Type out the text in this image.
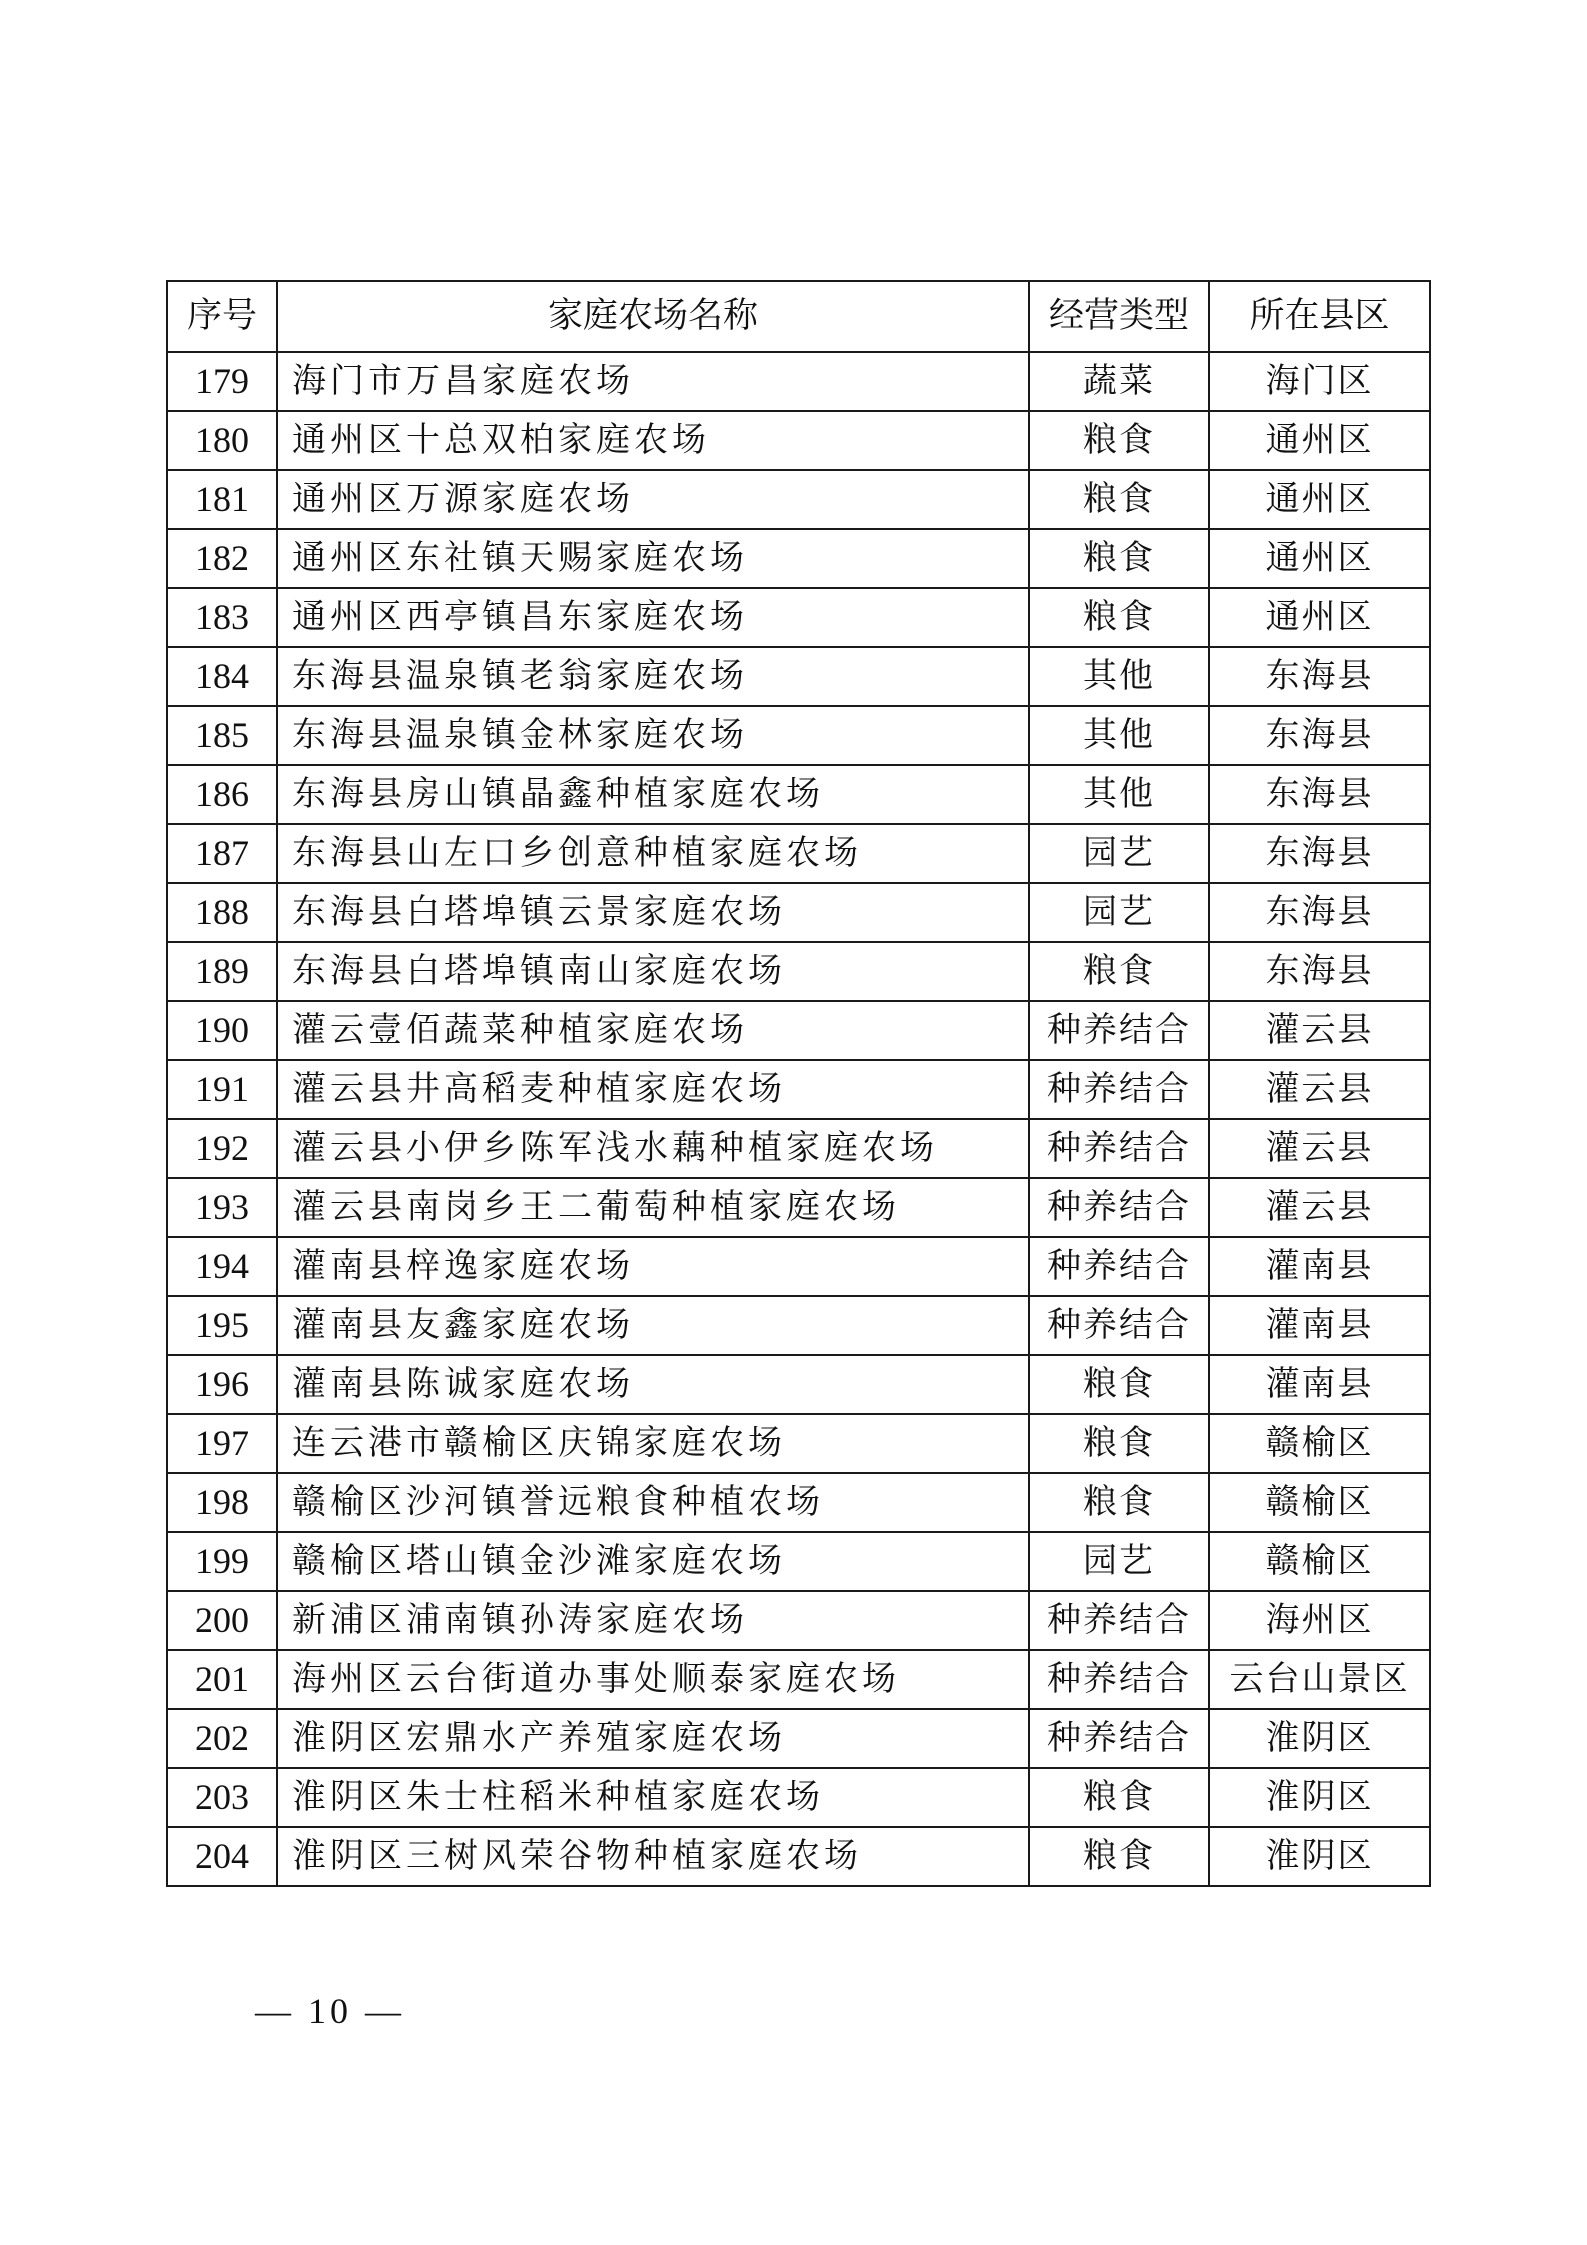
序号	家庭农场名称	经营类型	所在县区
179	海门市万昌家庭农场	蔬菜	海门区
180	通州区十总双柏家庭农场	粮食	通州区
181	通州区万源家庭农场	粮食	通州区
182	通州区东社镇天赐家庭农场	粮食	通州区
183	通州区西亭镇昌东家庭农场	粮食	通州区
184	东海县温泉镇老翁家庭农场	其他	东海县
185	东海县温泉镇金林家庭农场	其他	东海县
186	东海县房山镇晶鑫种植家庭农场	其他	东海县
187	东海县山左口乡创意种植家庭农场	园艺	东海县
188	东海县白塔埠镇云景家庭农场	园艺	东海县
189	东海县白塔埠镇南山家庭农场	粮食	东海县
190	灌云壹佰蔬菜种植家庭农场	种养结合	灌云县
191	灌云县井高稻麦种植家庭农场	种养结合	灌云县
192	灌云县小伊乡陈军浅水藕种植家庭农场	种养结合	灌云县
193	灌云县南岗乡王二葡萄种植家庭农场	种养结合	灌云县
194	灌南县梓逸家庭农场	种养结合	灌南县
195	灌南县友鑫家庭农场	种养结合	灌南县
196	灌南县陈诚家庭农场	粮食	灌南县
197	连云港市赣榆区庆锦家庭农场	粮食	赣榆区
198	赣榆区沙河镇誉远粮食种植农场	粮食	赣榆区
199	赣榆区塔山镇金沙滩家庭农场	园艺	赣榆区
200	新浦区浦南镇孙涛家庭农场	种养结合	海州区
201	海州区云台街道办事处顺泰家庭农场	种养结合	云台山景区
202	淮阴区宏鼎水产养殖家庭农场	种养结合	淮阴区
203	淮阴区朱士柱稻米种植家庭农场	粮食	淮阴区
204	淮阴区三树风荣谷物种植家庭农场	粮食	淮阴区
— 10 —
